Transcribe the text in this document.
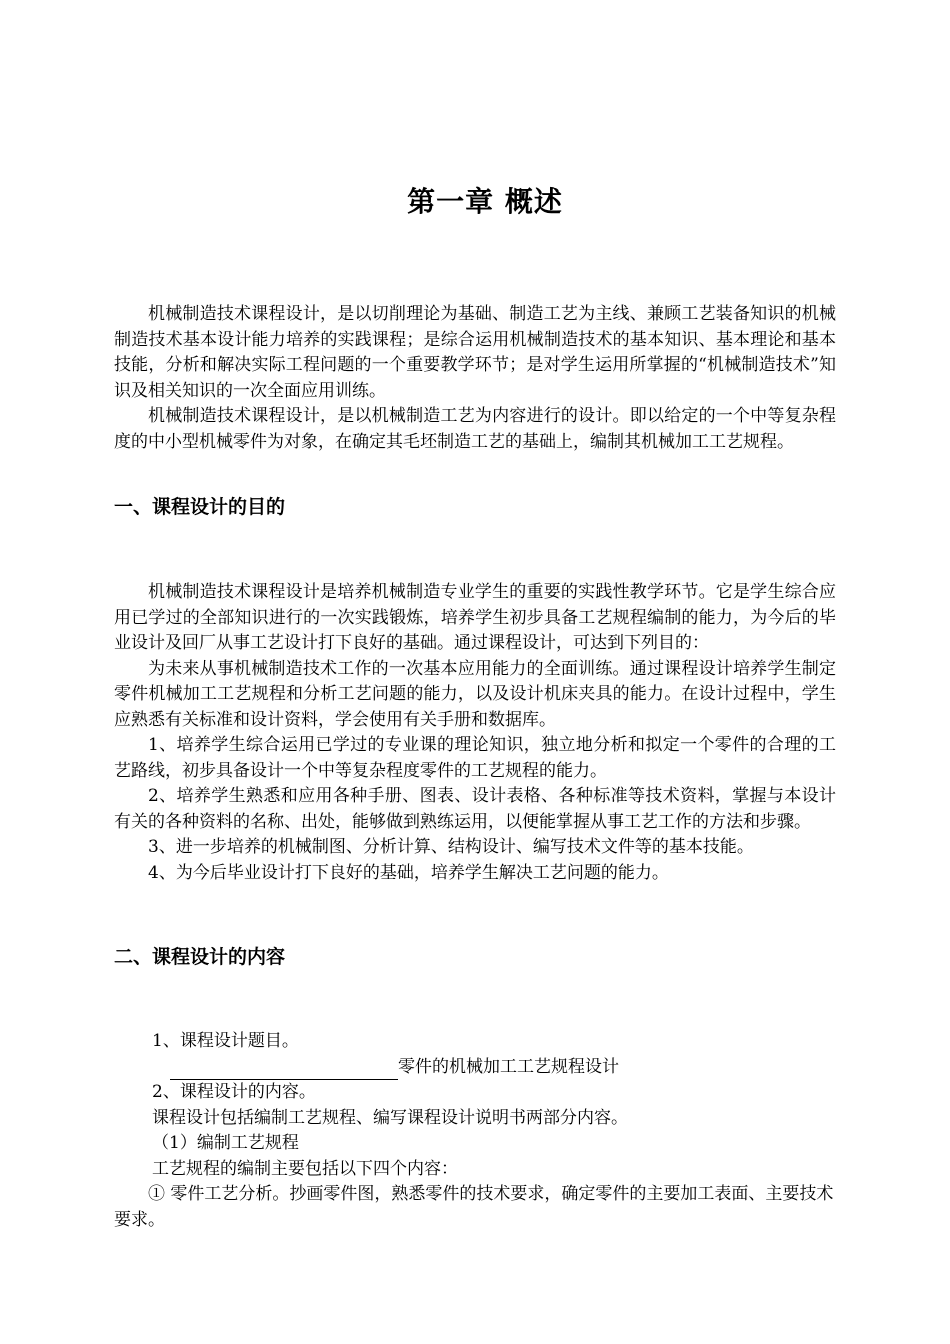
第一章 概述

机械制造技术课程设计，是以切削理论为基础、制造工艺为主线、兼顾工艺装备知识的机械制造技术基本设计能力培养的实践课程；是综合运用机械制造技术的基本知识、基本理论和基本技能，分析和解决实际工程问题的一个重要教学环节；是对学生运用所掌握的“机械制造技术”知识及相关知识的一次全面应用训练。

机械制造技术课程设计，是以机械制造工艺为内容进行的设计。即以给定的一个中等复杂程度的中小型机械零件为对象，在确定其毛坯制造工艺的基础上，编制其机械加工工艺规程。

一、课程设计的目的

机械制造技术课程设计是培养机械制造专业学生的重要的实践性教学环节。它是学生综合应用已学过的全部知识进行的一次实践锻炼，培养学生初步具备工艺规程编制的能力，为今后的毕业设计及回厂从事工艺设计打下良好的基础。通过课程设计，可达到下列目的：

为未来从事机械制造技术工作的一次基本应用能力的全面训练。通过课程设计培养学生制定零件机械加工工艺规程和分析工艺问题的能力，以及设计机床夹具的能力。在设计过程中，学生应熟悉有关标准和设计资料，学会使用有关手册和数据库。

1、培养学生综合运用已学过的专业课的理论知识，独立地分析和拟定一个零件的合理的工艺路线，初步具备设计一个中等复杂程度零件的工艺规程的能力。

2、培养学生熟悉和应用各种手册、图表、设计表格、各种标准等技术资料，掌握与本设计有关的各种资料的名称、出处，能够做到熟练运用，以便能掌握从事工艺工作的方法和步骤。

3、进一步培养的机械制图、分析计算、结构设计、编写技术文件等的基本技能。

4、为今后毕业设计打下良好的基础，培养学生解决工艺问题的能力。

二、课程设计的内容

1、课程设计题目。

零件的机械加工工艺规程设计

2、课程设计的内容。

课程设计包括编制工艺规程、编写课程设计说明书两部分内容。

（1）编制工艺规程

工艺规程的编制主要包括以下四个内容：

① 零件工艺分析。抄画零件图，熟悉零件的技术要求，确定零件的主要加工表面、主要技术要求。
